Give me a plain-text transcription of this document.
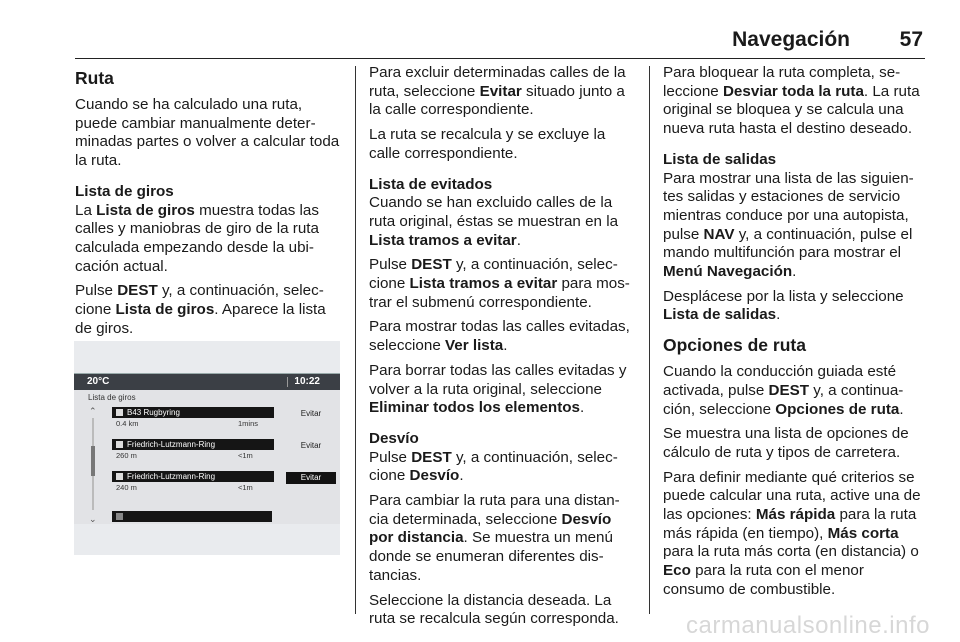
Navegación 57
Ruta

Cuando se ha calculado una ruta, puede cambiar manualmente determinadas partes o volver a calcular toda la ruta.

Lista de giros

La Lista de giros muestra todas las calles y maniobras de giro de la ruta calculada empezando desde la ubicación actual.

Pulse DEST y, a continuación, seleccione Lista de giros. Aparece la lista de giros.

20°C	10:22
Lista de giros
⌃
⌄
B43 Rugbyring
0.4 km	1mins
Evitar
Friedrich-Lutzmann-Ring
260 m	<1m
Evitar
Friedrich-Lutzmann-Ring
240 m	<1m
Evitar

Para excluir determinadas calles de la ruta, seleccione Evitar situado junto a la calle correspondiente.

La ruta se recalcula y se excluye la calle correspondiente.

Lista de evitados

Cuando se han excluido calles de la ruta original, éstas se muestran en la Lista tramos a evitar.

Pulse DEST y, a continuación, seleccione Lista tramos a evitar para mostrar el submenú correspondiente.

Para mostrar todas las calles evitadas, seleccione Ver lista.

Para borrar todas las calles evitadas y volver a la ruta original, seleccione Eliminar todos los elementos.

Desvío

Pulse DEST y, a continuación, seleccione Desvío.

Para cambiar la ruta para una distancia determinada, seleccione Desvío por distancia. Se muestra un menú donde se enumeran diferentes distancias.

Seleccione la distancia deseada. La ruta se recalcula según corresponda.

Para bloquear la ruta completa, seleccione Desviar toda la ruta. La ruta original se bloquea y se calcula una nueva ruta hasta el destino deseado.

Lista de salidas

Para mostrar una lista de las siguientes salidas y estaciones de servicio mientras conduce por una autopista, pulse NAV y, a continuación, pulse el mando multifunción para mostrar el Menú Navegación.

Desplácese por la lista y seleccione Lista de salidas.

Opciones de ruta

Cuando la conducción guiada esté activada, pulse DEST y, a continuación, seleccione Opciones de ruta.

Se muestra una lista de opciones de cálculo de ruta y tipos de carretera.

Para definir mediante qué criterios se puede calcular una ruta, active una de las opciones: Más rápida para la ruta más rápida (en tiempo), Más corta para la ruta más corta (en distancia) o Eco para la ruta con el menor consumo de combustible.

carmanualsonline.info
